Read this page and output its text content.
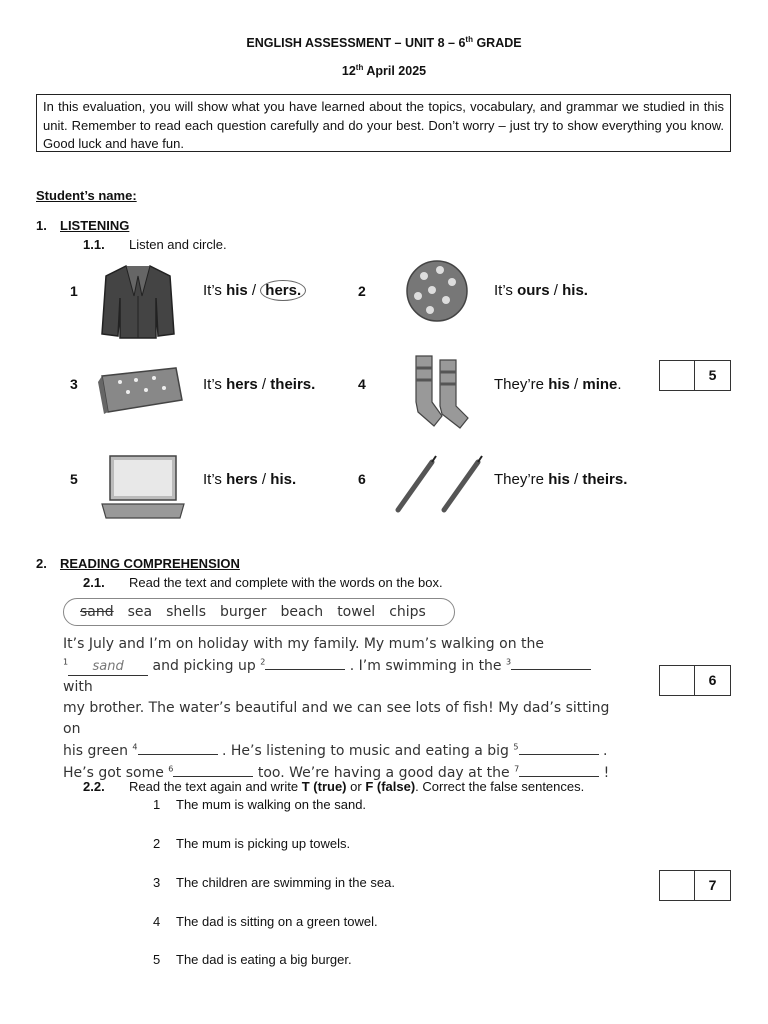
ENGLISH ASSESSMENT – UNIT 8 – 6th GRADE
12th April 2025
In this evaluation, you will show what you have learned about the topics, vocabulary, and grammar we studied in this unit. Remember to read each question carefully and do your best. Don’t worry – just try to show everything you know. Good luck and have fun.
Student’s name:
1. LISTENING
1.1. Listen and circle.
1	It’s his / hers.	2	It’s ours / his.
3	It’s hers / theirs.	4	They’re his / mine.
5
5	It’s hers / his.	6	They’re his / theirs.
2. READING COMPREHENSION
2.1. Read the text and complete with the words on the box.
sand sea shells burger beach towel chips
It’s July and I’m on holiday with my family. My mum’s walking on the
$^1$ sand and picking up $^2$	. I’m swimming in the $^3$ with
my brother. The water’s beautiful and we can see lots of fish! My dad’s sitting on
his green $^4$	. He’s listening to music and eating a big $^5$	.
He’s got some $^6$	too. We’re having a good day at the $^7$	!
6
2.2. Read the text again and write T (true) or F (false). Correct the false sentences.
1 The mum is walking on the sand.
2 The mum is picking up towels.
3 The children are swimming in the sea.
4 The dad is sitting on a green towel.
5 The dad is eating a big burger.
7
